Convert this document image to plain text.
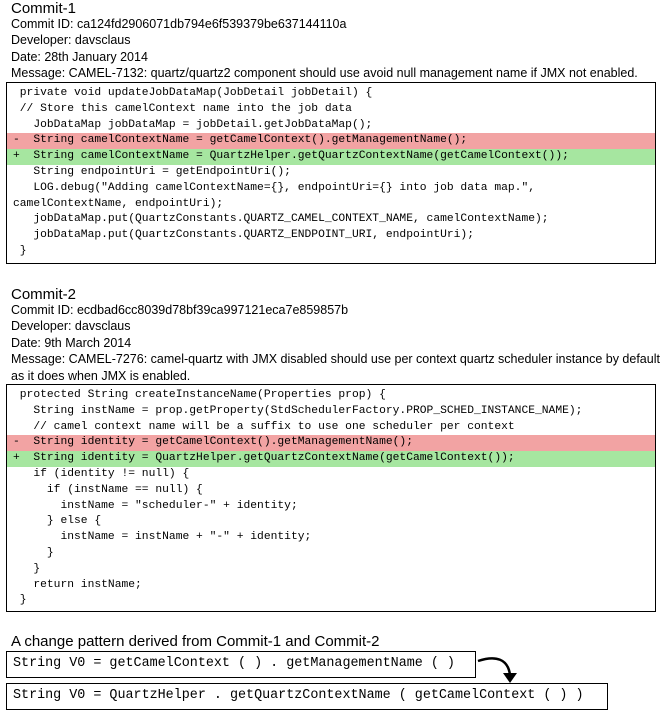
Commit-1
Commit ID: ca124fd2906071db794e6f539379be637144110a
Developer: davsclaus
Date: 28th January 2014
Message: CAMEL-7132: quartz/quartz2 component should use avoid null management name if JMX not enabled.
private void updateJobDataMap(JobDetail jobDetail) {
// Store this camelContext name into the job data
JobDataMap jobDataMap = jobDetail.getJobDataMap();
-  String camelContextName = getCamelContext().getManagementName();
+  String camelContextName = QuartzHelper.getQuartzContextName(getCamelContext());
String endpointUri = getEndpointUri();
LOG.debug("Adding camelContextName={}, endpointUri={} into job data map.",
camelContextName, endpointUri);
jobDataMap.put(QuartzConstants.QUARTZ_CAMEL_CONTEXT_NAME, camelContextName);
jobDataMap.put(QuartzConstants.QUARTZ_ENDPOINT_URI, endpointUri);
}
Commit-2
Commit ID: ecdbad6cc8039d78bf39ca997121eca7e859857b
Developer: davsclaus
Date: 9th March 2014
Message: CAMEL-7276: camel-quartz with JMX disabled should use per context quartz scheduler instance by default as it does when JMX is enabled.
protected String createInstanceName(Properties prop) {
String instName = prop.getProperty(StdSchedulerFactory.PROP_SCHED_INSTANCE_NAME);
// camel context name will be a suffix to use one scheduler per context
-  String identity = getCamelContext().getManagementName();
+  String identity = QuartzHelper.getQuartzContextName(getCamelContext());
if (identity != null) {
if (instName == null) {
instName = "scheduler-" + identity;
} else {
instName = instName + "-" + identity;
}
}
return instName;
}
A change pattern derived from Commit-1 and Commit-2
String V0 = getCamelContext ( ) . getManagementName ( )
String V0 = QuartzHelper . getQuartzContextName ( getCamelContext ( ) )
